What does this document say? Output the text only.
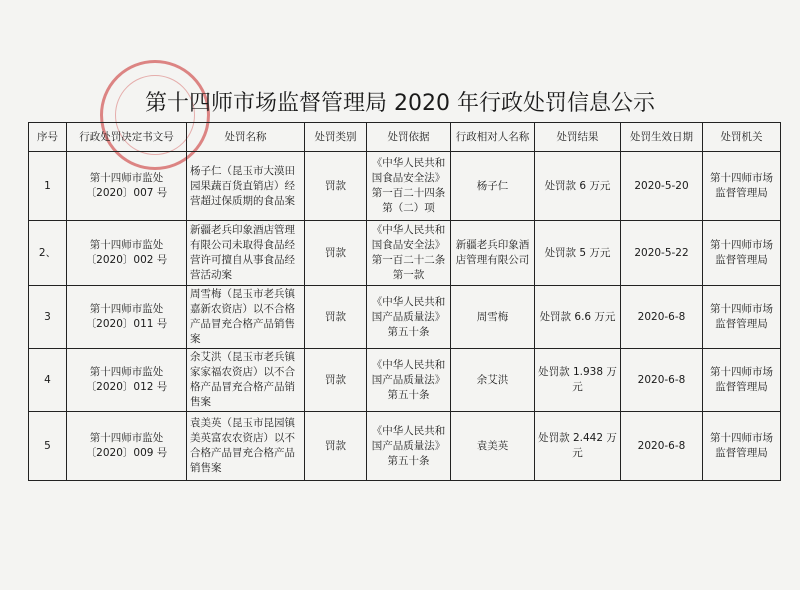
第十四师市场监督管理局 2020 年行政处罚信息公示
序号	行政处罚决定书文号	处罚名称	处罚类别	处罚依据	行政相对人名称	处罚结果	处罚生效日期	处罚机关
1	第十四师市监处〔2020〕007 号	杨子仁（昆玉市大漠田园果蔬百货直销店）经营超过保质期的食品案	罚款	《中华人民共和国食品安全法》第一百二十四条第（二）项	杨子仁	处罚款 6 万元	2020-5-20	第十四师市场监督管理局
2、	第十四师市监处〔2020〕002 号	新疆老兵印象酒店管理有限公司未取得食品经营许可擅自从事食品经营活动案	罚款	《中华人民共和国食品安全法》第一百二十二条第一款	新疆老兵印象酒店管理有限公司	处罚款 5 万元	2020-5-22	第十四师市场监督管理局
3	第十四师市监处〔2020〕011 号	周雪梅（昆玉市老兵镇嘉新农资店）以不合格产品冒充合格产品销售案	罚款	《中华人民共和国产品质量法》第五十条	周雪梅	处罚款 6.6 万元	2020-6-8	第十四师市场监督管理局
4	第十四师市监处〔2020〕012 号	余艾洪（昆玉市老兵镇家家福农资店）以不合格产品冒充合格产品销售案	罚款	《中华人民共和国产品质量法》第五十条	余艾洪	处罚款 1.938 万元	2020-6-8	第十四师市场监督管理局
5	第十四师市监处〔2020〕009 号	袁美英（昆玉市昆园镇美英富农农资店）以不合格产品冒充合格产品销售案	罚款	《中华人民共和国产品质量法》第五十条	袁美英	处罚款 2.442 万元	2020-6-8	第十四师市场监督管理局
